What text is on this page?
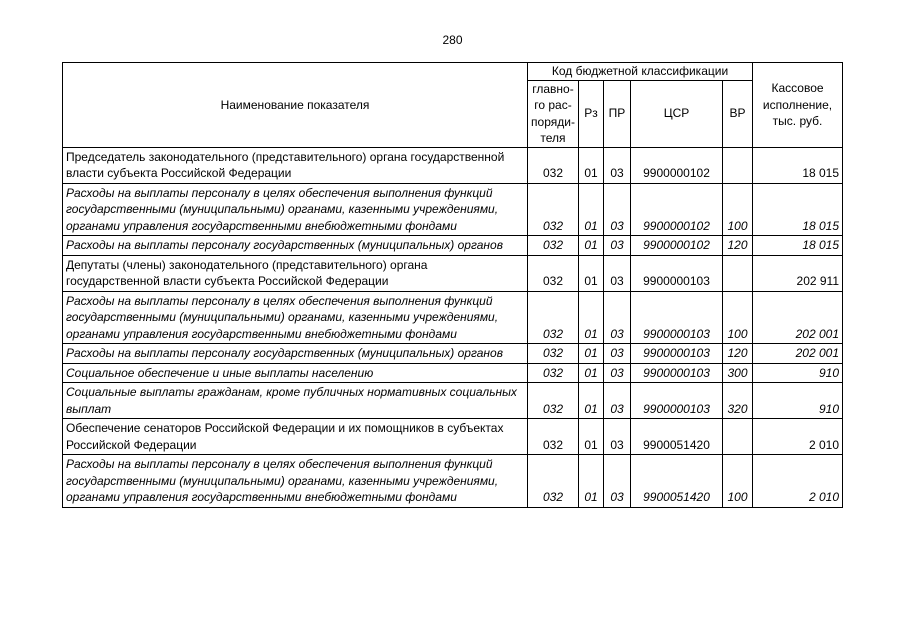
280
Наименование показателя	Код бюджетной классификации					Кассовое исполнение, тыс. руб.
	главно-го рас-поряди-теля	Рз	ПР	ЦСР	ВР	
Председатель законодательного (представительного) органа государственной власти субъекта Российской Федерации	032	01	03	9900000102		18 015
Расходы на выплаты персоналу в целях обеспечения выполнения функций государственными (муниципальными) органами, казенными учреждениями, органами управления государственными внебюджетными фондами	032	01	03	9900000102	100	18 015
Расходы на выплаты персоналу государственных (муниципальных) органов	032	01	03	9900000102	120	18 015
Депутаты (члены) законодательного (представительного) органа государственной власти субъекта Российской Федерации	032	01	03	9900000103		202 911
Расходы на выплаты персоналу в целях обеспечения выполнения функций государственными (муниципальными) органами, казенными учреждениями, органами управления государственными внебюджетными фондами	032	01	03	9900000103	100	202 001
Расходы на выплаты персоналу государственных (муниципальных) органов	032	01	03	9900000103	120	202 001
Социальное обеспечение и иные выплаты населению	032	01	03	9900000103	300	910
Социальные выплаты гражданам, кроме публичных нормативных социальных выплат	032	01	03	9900000103	320	910
Обеспечение сенаторов Российской Федерации и их помощников в субъектах Российской Федерации	032	01	03	9900051420		2 010
Расходы на выплаты персоналу в целях обеспечения выполнения функций государственными (муниципальными) органами, казенными учреждениями, органами управления государственными внебюджетными фондами	032	01	03	9900051420	100	2 010
